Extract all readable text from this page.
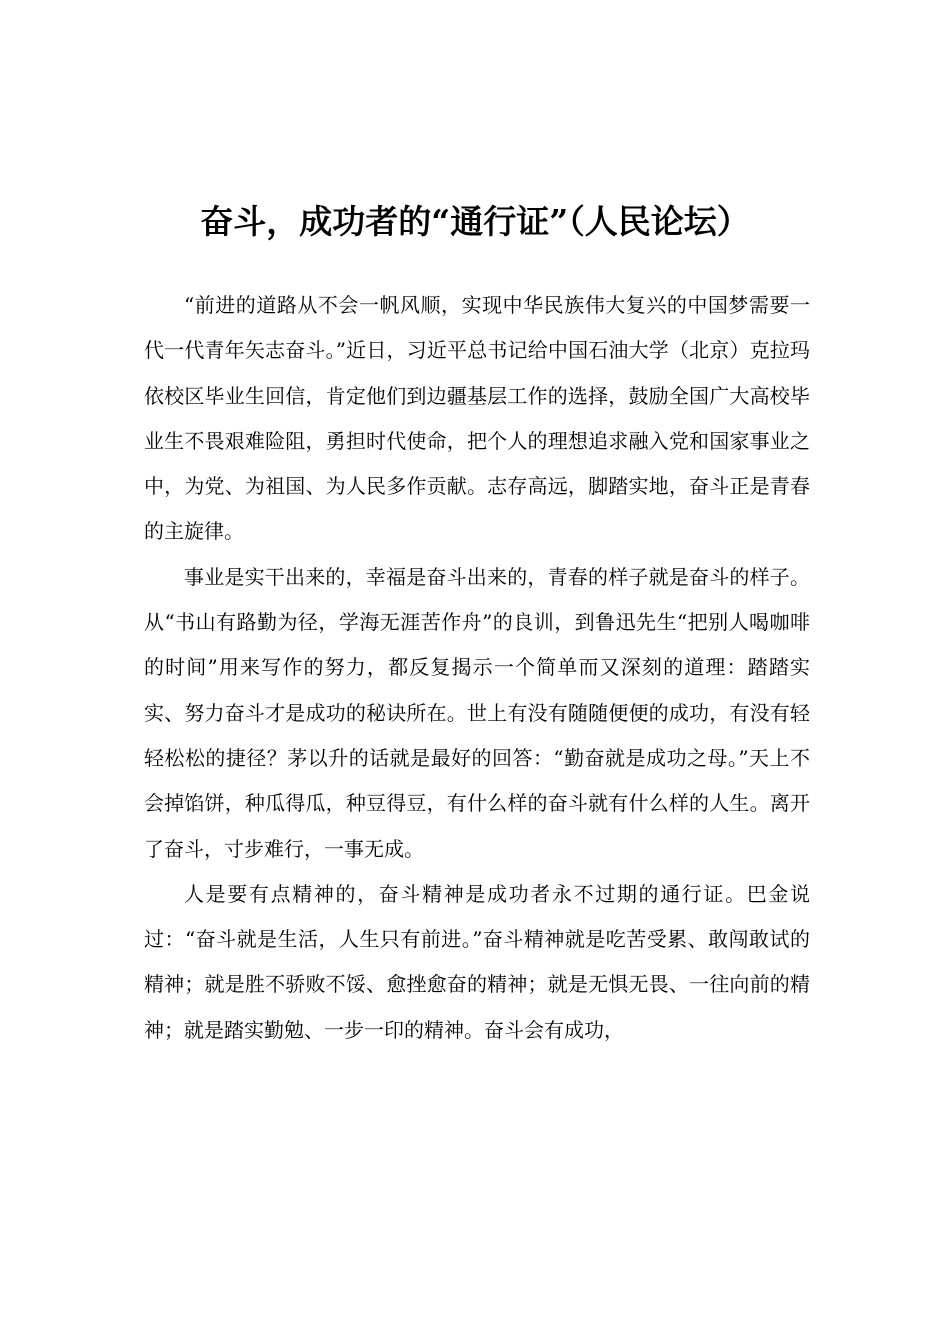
奋斗，成功者的“通行证”（人民论坛）

“前进的道路从不会一帆风顺，实现中华民族伟大复兴的中国梦需要一代一代青年矢志奋斗。”近日，习近平总书记给中国石油大学（北京）克拉玛依校区毕业生回信，肯定他们到边疆基层工作的选择，鼓励全国广大高校毕业生不畏艰难险阻，勇担时代使命，把个人的理想追求融入党和国家事业之中，为党、为祖国、为人民多作贡献。志存高远，脚踏实地，奋斗正是青春的主旋律。

事业是实干出来的，幸福是奋斗出来的，青春的样子就是奋斗的样子。从“书山有路勤为径，学海无涯苦作舟”的良训，到鲁迅先生“把别人喝咖啡的时间”用来写作的努力，都反复揭示一个简单而又深刻的道理：踏踏实实、努力奋斗才是成功的秘诀所在。世上有没有随随便便的成功，有没有轻轻松松的捷径？茅以升的话就是最好的回答：“勤奋就是成功之母。”天上不会掉馅饼，种瓜得瓜，种豆得豆，有什么样的奋斗就有什么样的人生。离开了奋斗，寸步难行，一事无成。

人是要有点精神的，奋斗精神是成功者永不过期的通行证。巴金说过：“奋斗就是生活，人生只有前进。”奋斗精神就是吃苦受累、敢闯敢试的精神；就是胜不骄败不馁、愈挫愈奋的精神；就是无惧无畏、一往向前的精神；就是踏实勤勉、一步一印的精神。奋斗会有成功，
